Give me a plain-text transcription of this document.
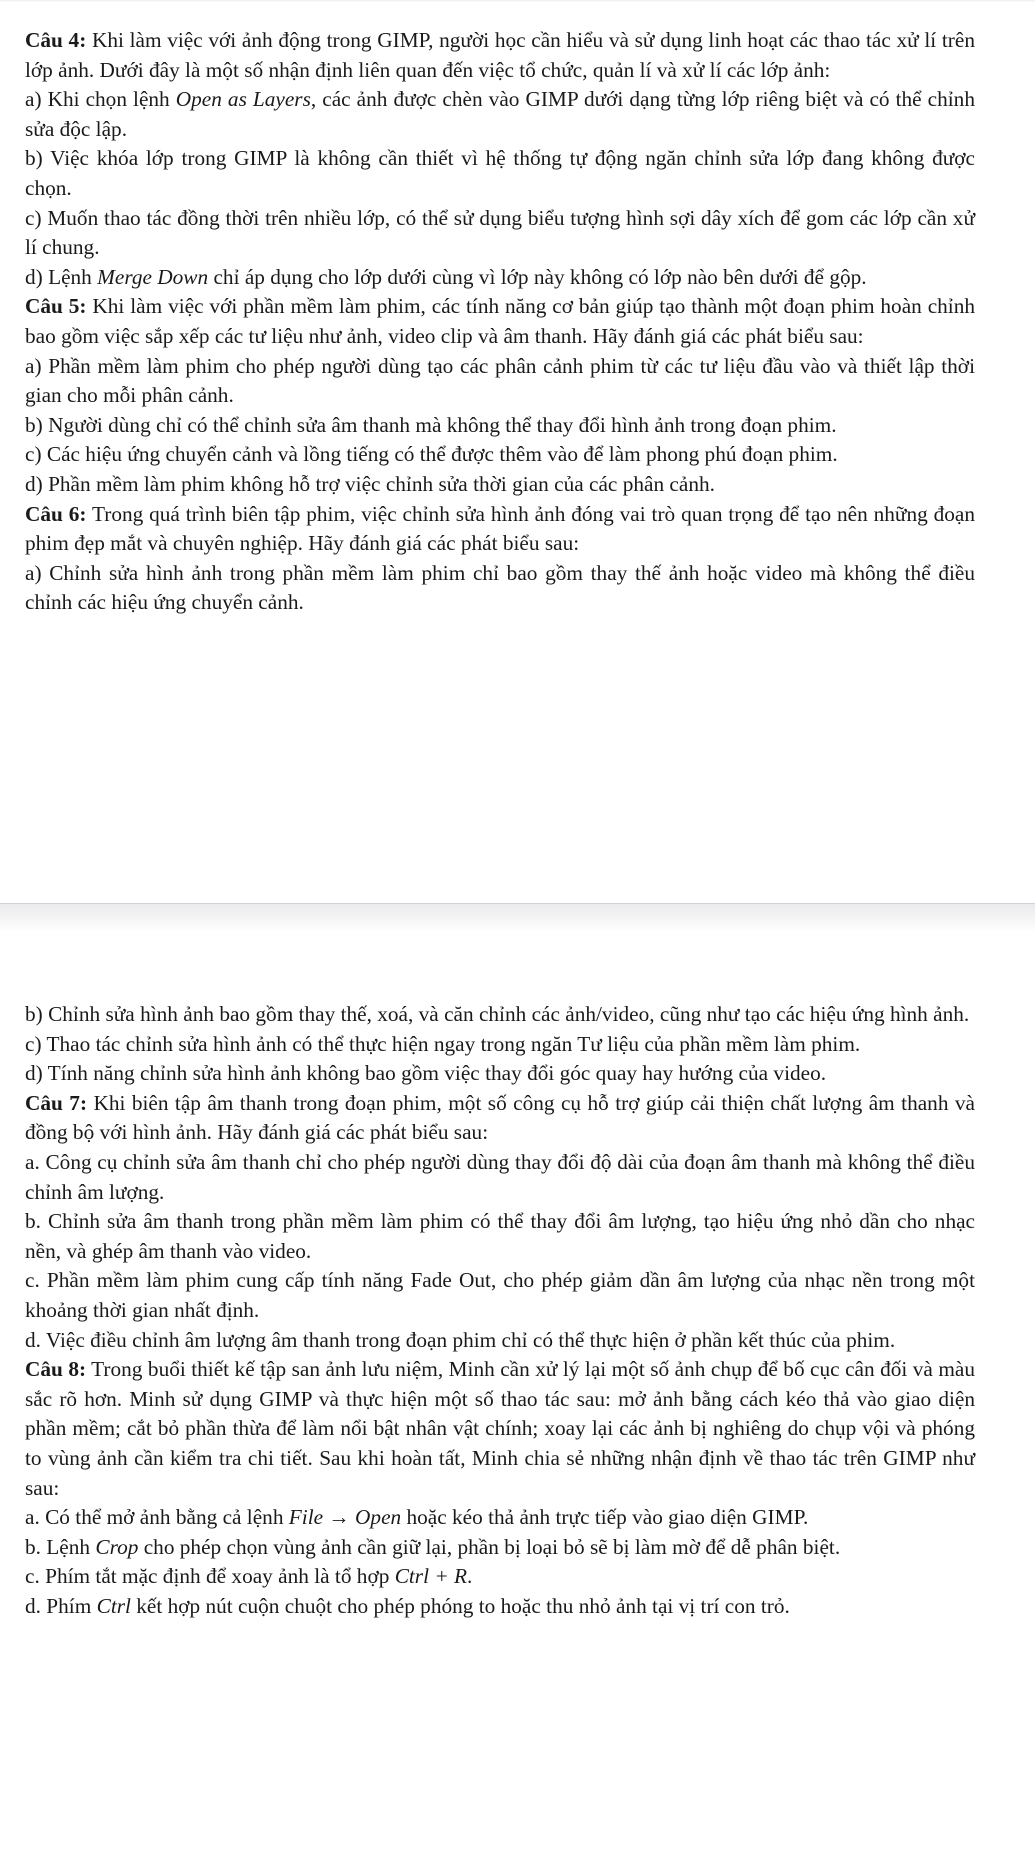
Câu 4: Khi làm việc với ảnh động trong GIMP, người học cần hiểu và sử dụng linh hoạt các thao tác xử lí trên lớp ảnh. Dưới đây là một số nhận định liên quan đến việc tổ chức, quản lí và xử lí các lớp ảnh:

a) Khi chọn lệnh Open as Layers, các ảnh được chèn vào GIMP dưới dạng từng lớp riêng biệt và có thể chỉnh sửa độc lập.

b) Việc khóa lớp trong GIMP là không cần thiết vì hệ thống tự động ngăn chỉnh sửa lớp đang không được chọn.

c) Muốn thao tác đồng thời trên nhiều lớp, có thể sử dụng biểu tượng hình sợi dây xích để gom các lớp cần xử lí chung.

d) Lệnh Merge Down chỉ áp dụng cho lớp dưới cùng vì lớp này không có lớp nào bên dưới để gộp.

Câu 5: Khi làm việc với phần mềm làm phim, các tính năng cơ bản giúp tạo thành một đoạn phim hoàn chỉnh bao gồm việc sắp xếp các tư liệu như ảnh, video clip và âm thanh. Hãy đánh giá các phát biểu sau:

a) Phần mềm làm phim cho phép người dùng tạo các phân cảnh phim từ các tư liệu đầu vào và thiết lập thời gian cho mỗi phân cảnh.

b) Người dùng chỉ có thể chỉnh sửa âm thanh mà không thể thay đổi hình ảnh trong đoạn phim.

c) Các hiệu ứng chuyển cảnh và lồng tiếng có thể được thêm vào để làm phong phú đoạn phim.

d) Phần mềm làm phim không hỗ trợ việc chỉnh sửa thời gian của các phân cảnh.

Câu 6: Trong quá trình biên tập phim, việc chỉnh sửa hình ảnh đóng vai trò quan trọng để tạo nên những đoạn phim đẹp mắt và chuyên nghiệp. Hãy đánh giá các phát biểu sau:

a) Chỉnh sửa hình ảnh trong phần mềm làm phim chỉ bao gồm thay thế ảnh hoặc video mà không thể điều chỉnh các hiệu ứng chuyển cảnh.

b) Chỉnh sửa hình ảnh bao gồm thay thế, xoá, và căn chỉnh các ảnh/video, cũng như tạo các hiệu ứng hình ảnh.

c) Thao tác chỉnh sửa hình ảnh có thể thực hiện ngay trong ngăn Tư liệu của phần mềm làm phim.

d) Tính năng chỉnh sửa hình ảnh không bao gồm việc thay đổi góc quay hay hướng của video.

Câu 7: Khi biên tập âm thanh trong đoạn phim, một số công cụ hỗ trợ giúp cải thiện chất lượng âm thanh và đồng bộ với hình ảnh. Hãy đánh giá các phát biểu sau:

a. Công cụ chỉnh sửa âm thanh chỉ cho phép người dùng thay đổi độ dài của đoạn âm thanh mà không thể điều chỉnh âm lượng.

b. Chỉnh sửa âm thanh trong phần mềm làm phim có thể thay đổi âm lượng, tạo hiệu ứng nhỏ dần cho nhạc nền, và ghép âm thanh vào video.

c. Phần mềm làm phim cung cấp tính năng Fade Out, cho phép giảm dần âm lượng của nhạc nền trong một khoảng thời gian nhất định.

d. Việc điều chỉnh âm lượng âm thanh trong đoạn phim chỉ có thể thực hiện ở phần kết thúc của phim.

Câu 8: Trong buổi thiết kế tập san ảnh lưu niệm, Minh cần xử lý lại một số ảnh chụp để bố cục cân đối và màu sắc rõ hơn. Minh sử dụng GIMP và thực hiện một số thao tác sau: mở ảnh bằng cách kéo thả vào giao diện phần mềm; cắt bỏ phần thừa để làm nổi bật nhân vật chính; xoay lại các ảnh bị nghiêng do chụp vội và phóng to vùng ảnh cần kiểm tra chi tiết. Sau khi hoàn tất, Minh chia sẻ những nhận định về thao tác trên GIMP như sau:

a. Có thể mở ảnh bằng cả lệnh File → Open hoặc kéo thả ảnh trực tiếp vào giao diện GIMP.

b. Lệnh Crop cho phép chọn vùng ảnh cần giữ lại, phần bị loại bỏ sẽ bị làm mờ để dễ phân biệt.

c. Phím tắt mặc định để xoay ảnh là tổ hợp Ctrl + R.

d. Phím Ctrl kết hợp nút cuộn chuột cho phép phóng to hoặc thu nhỏ ảnh tại vị trí con trỏ.
